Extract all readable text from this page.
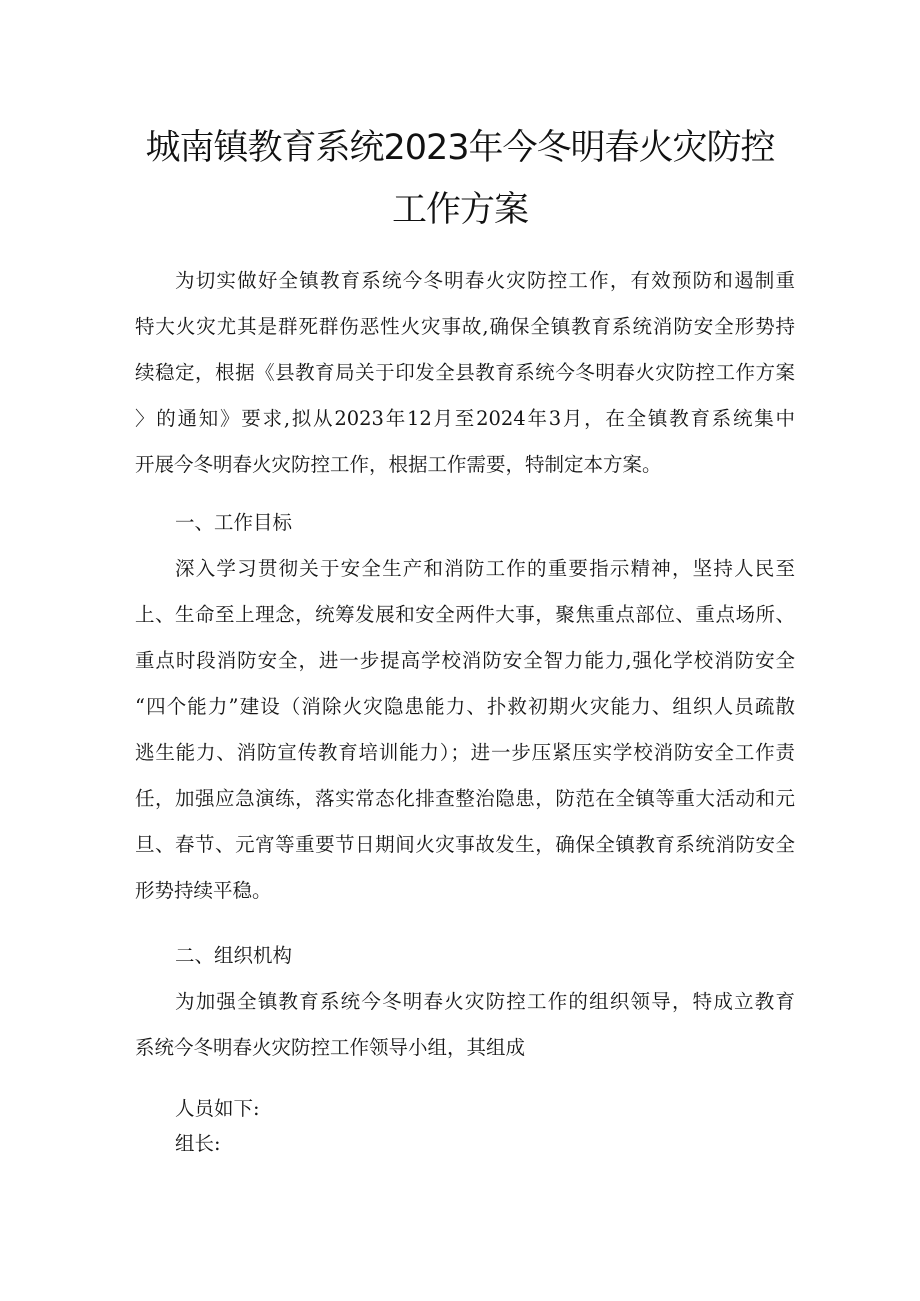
城南镇教育系统2023年今冬明春火灾防控
工作方案
为切实做好全镇教育系统今冬明春火灾防控工作，有效预防和遏制重
特大火灾尤其是群死群伤恶性火灾事故,确保全镇教育系统消防安全形势持
续稳定，根据《县教育局关于印发全县教育系统今冬明春火灾防控工作方案
〉的通知》要求,拟从2023年12月至2024年3月，在全镇教育系统集中
开展今冬明春火灾防控工作，根据工作需要，特制定本方案。
一、工作目标
深入学习贯彻关于安全生产和消防工作的重要指示精神，坚持人民至
上、生命至上理念，统筹发展和安全两件大事，聚焦重点部位、重点场所、
重点时段消防安全，进一步提高学校消防安全智力能力,强化学校消防安全
“四个能力”建设（消除火灾隐患能力、扑救初期火灾能力、组织人员疏散
逃生能力、消防宣传教育培训能力）；进一步压紧压实学校消防安全工作责
任，加强应急演练，落实常态化排查整治隐患，防范在全镇等重大活动和元
旦、春节、元宵等重要节日期间火灾事故发生，确保全镇教育系统消防安全
形势持续平稳。
二、组织机构
为加强全镇教育系统今冬明春火灾防控工作的组织领导，特成立教育
系统今冬明春火灾防控工作领导小组，其组成
人员如下:
组长:
